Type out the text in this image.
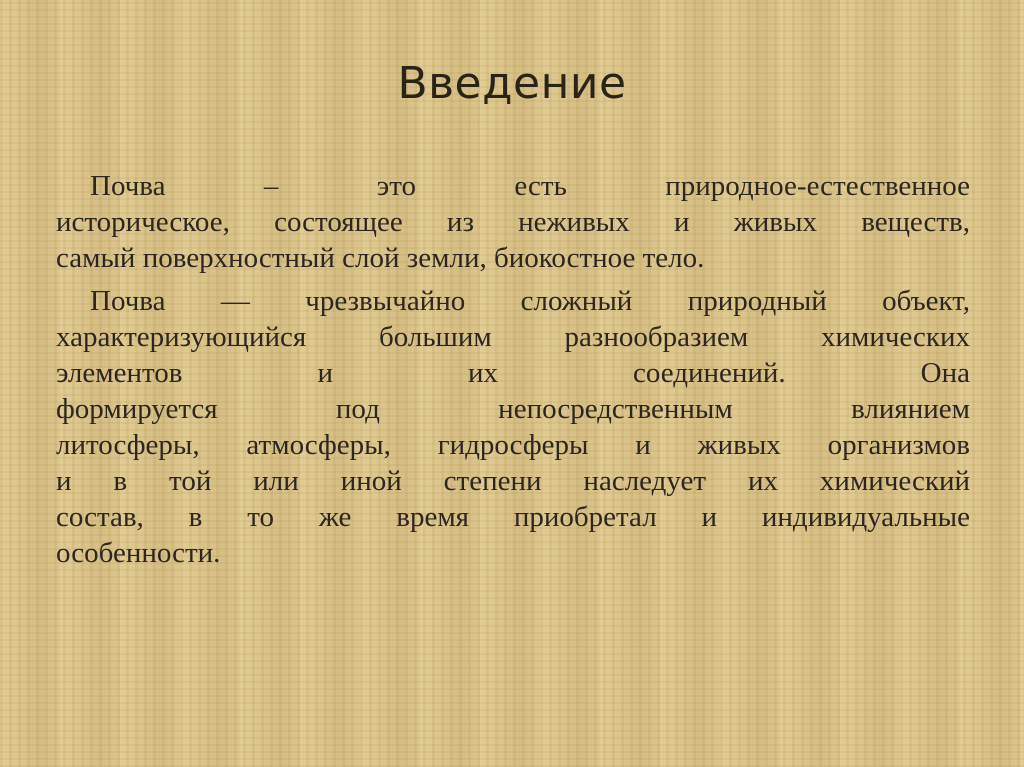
Введение
Почва – это есть природное-естественное
историческое, состоящее из неживых и живых веществ,
самый поверхностный слой земли, биокостное тело.
Почва — чрезвычайно сложный природный объект,
характеризующийся большим разнообразием химических
элементов и их соединений. Она
формируется под непосредственным влиянием
литосферы, атмосферы, гидросферы и живых организмов
и в той или иной степени наследует их химический
состав, в то же время приобретал и индивидуальные
особенности.
